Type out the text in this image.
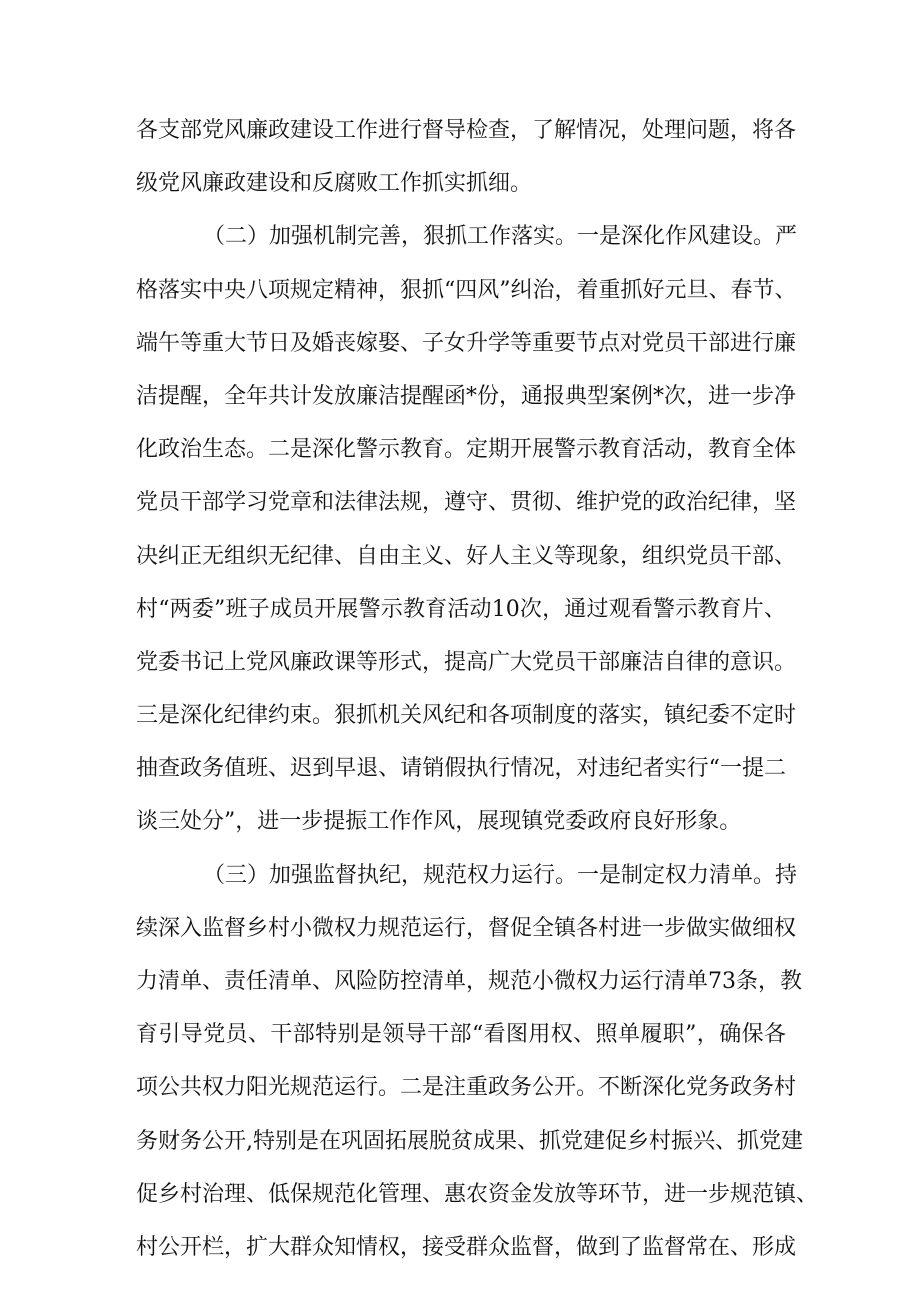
各支部党风廉政建设工作进行督导检查，了解情况，处理问题，将各
级党风廉政建设和反腐败工作抓实抓细。
（二）加强机制完善，狠抓工作落实。一是深化作风建设。严
格落实中央八项规定精神，狠抓“四风”纠治，着重抓好元旦、春节、
端午等重大节日及婚丧嫁娶、子女升学等重要节点对党员干部进行廉
洁提醒，全年共计发放廉洁提醒函*份，通报典型案例*次，进一步净
化政治生态。二是深化警示教育。定期开展警示教育活动，教育全体
党员干部学习党章和法律法规，遵守、贯彻、维护党的政治纪律，坚
决纠正无组织无纪律、自由主义、好人主义等现象，组织党员干部、
村“两委”班子成员开展警示教育活动10次，通过观看警示教育片、
党委书记上党风廉政课等形式，提高广大党员干部廉洁自律的意识。
三是深化纪律约束。狠抓机关风纪和各项制度的落实，镇纪委不定时
抽查政务值班、迟到早退、请销假执行情况，对违纪者实行“一提二
谈三处分”，进一步提振工作作风，展现镇党委政府良好形象。
（三）加强监督执纪，规范权力运行。一是制定权力清单。持
续深入监督乡村小微权力规范运行，督促全镇各村进一步做实做细权
力清单、责任清单、风险防控清单，规范小微权力运行清单73条，教
育引导党员、干部特别是领导干部“看图用权、照单履职”，确保各
项公共权力阳光规范运行。二是注重政务公开。不断深化党务政务村
务财务公开,特别是在巩固拓展脱贫成果、抓党建促乡村振兴、抓党建
促乡村治理、低保规范化管理、惠农资金发放等环节，进一步规范镇、
村公开栏，扩大群众知情权，接受群众监督，做到了监督常在、形成
